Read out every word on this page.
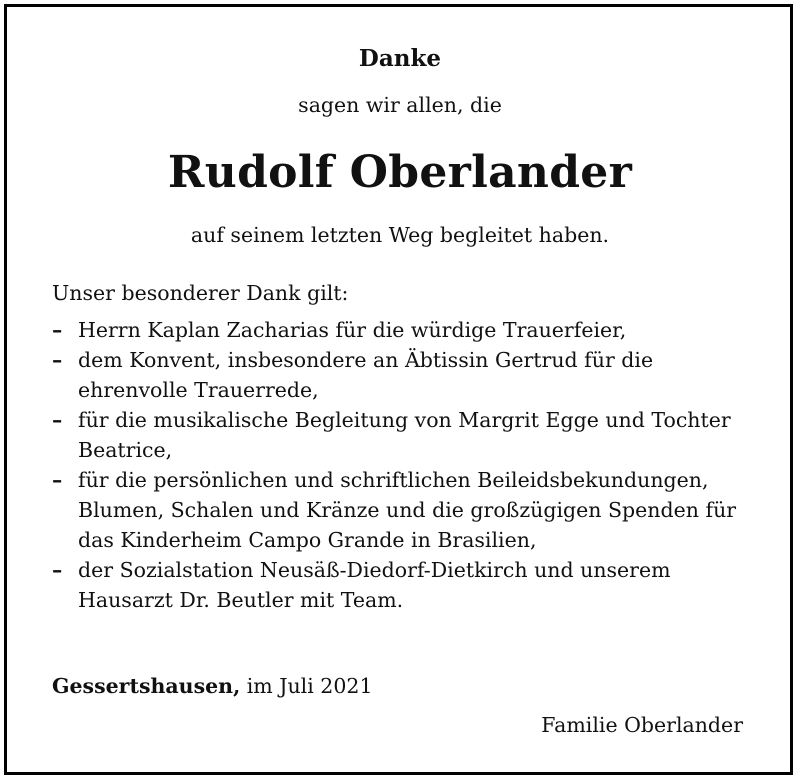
Danke
sagen wir allen, die
Rudolf Oberlander
auf seinem letzten Weg begleitet haben.
Unser besonderer Dank gilt:
– Herrn Kaplan Zacharias für die würdige Trauerfeier,
– dem Konvent, insbesondere an Äbtissin Gertrud für die ehrenvolle Trauerrede,
– für die musikalische Begleitung von Margrit Egge und Tochter Beatrice,
– für die persönlichen und schriftlichen Beileidsbekundungen, Blumen, Schalen und Kränze und die großzügigen Spenden für das Kinderheim Campo Grande in Brasilien,
– der Sozialstation Neusäß-Diedorf-Dietkirch und unserem Hausarzt Dr. Beutler mit Team.
Gessertshausen, im Juli 2021
Familie Oberlander
